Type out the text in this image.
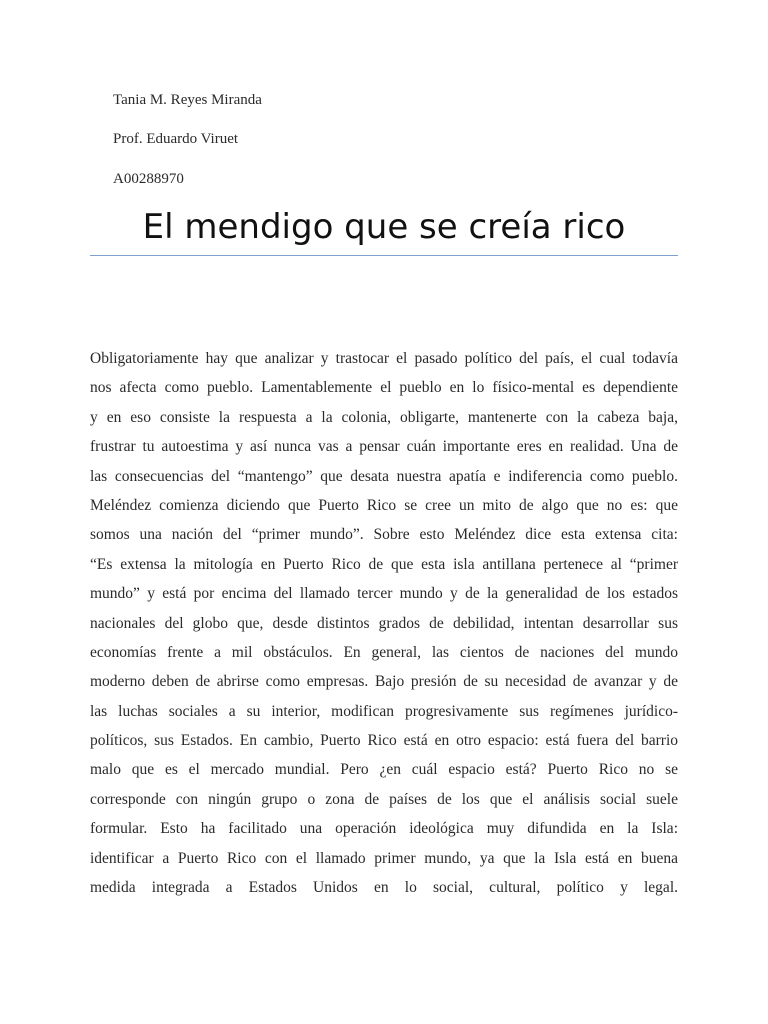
Tania M. Reyes Miranda
Prof. Eduardo Viruet
A00288970
El mendigo que se creía rico
Obligatoriamente hay que analizar y trastocar el pasado político del país, el cual todavía
nos afecta como pueblo. Lamentablemente el pueblo en lo físico-mental es dependiente
y en eso consiste la respuesta a la colonia, obligarte, mantenerte con la cabeza baja,
frustrar tu autoestima y así nunca vas a pensar cuán importante eres en realidad. Una de
las consecuencias del “mantengo” que desata nuestra apatía e indiferencia como pueblo.
Meléndez comienza diciendo que Puerto Rico se cree un mito de algo que no es: que
somos una nación del “primer mundo”. Sobre esto Meléndez dice esta extensa cita:
“Es extensa la mitología en Puerto Rico de que esta isla antillana pertenece al “primer
mundo” y está por encima del llamado tercer mundo y de la generalidad de los estados
nacionales del globo que, desde distintos grados de debilidad, intentan desarrollar sus
economías frente a mil obstáculos. En general, las cientos de naciones del mundo
moderno deben de abrirse como empresas. Bajo presión de su necesidad de avanzar y de
las luchas sociales a su interior, modifican progresivamente sus regímenes jurídico-
políticos, sus Estados. En cambio, Puerto Rico está en otro espacio: está fuera del barrio
malo que es el mercado mundial. Pero ¿en cuál espacio está? Puerto Rico no se
corresponde con ningún grupo o zona de países de los que el análisis social suele
formular. Esto ha facilitado una operación ideológica muy difundida en la Isla:
identificar a Puerto Rico con el llamado primer mundo, ya que la Isla está en buena
medida integrada a Estados Unidos en lo social, cultural, político y legal.
